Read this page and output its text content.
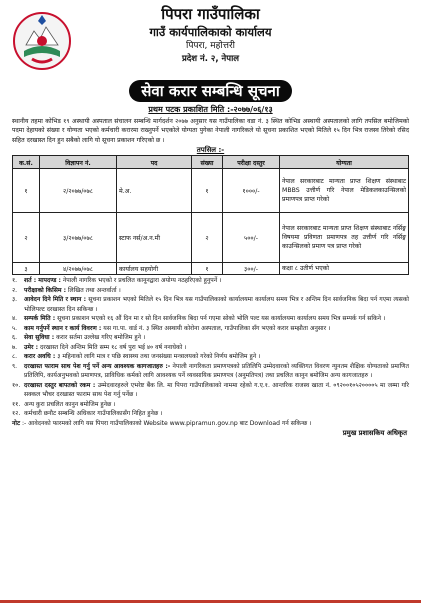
पिपरा गाउँपालिका
गाउँ कार्यपालिकाको कार्यालय
पिपरा, महोत्तरी
प्रदेश नं. २, नेपाल
सेवा करार सम्बन्धि सूचना
प्रथम पटक प्रकाशित मिति :-२०७७/०६/१३
स्थानीय तहमा कोभिड १९ अस्थायी अस्पताल संचालन सम्बन्धि मार्गदर्शन २०७७ अनुसार यस गाउँपालिका वडा नं. ३ स्थित कोभिड अस्थायी अस्पतालको लागि तपसिल बमोजिमको पदमा देहायको संख्या र योग्यता भएको कर्मचारी करारमा राख्नुपर्ने भएकोले योग्यता पुगेका नेपाली नागरिकले यो सूचना प्रकाशित भएको मितिले १५ दिन भित्र राजस्व तिरेको रसिद सहित दरखास्त दिन हुन सबैको लागि यो सूचना प्रकाशन गरिएको छ ।
तपसिल :-
क.सं.	विज्ञापन नं.	पद	संख्या	परीक्षा दस्तुर	योग्यता
१	२/२०७७/०७८	मे.अ.	१	१०००/-	नेपाल सरकारबाट मान्यता प्राप्त शिक्षण संस्थाबाट MBBS उत्तीर्ण गरि नेपाल मेडिकलकाउन्सिलको प्रमाणपत्र प्राप्त गरेको
२	३/२०७७/०७८	स्टाफ नर्स/अ.न.मी	२	५००/-	नेपाल सरकारबाट मान्यता प्राप्त शिक्षण संस्थाबाट नर्सिङ्ग विषयमा प्रविणता प्रमाणपत्र तह उत्तीर्ण गरि नर्सिङ्ग काउन्सिलको प्रमाण पत्र प्राप्त गरेको
३	४/२०७७/०७८	कार्यालय सहयोगी	१	३००/-	कक्षा ८ उतीर्ण भएको
१.	शर्त : मापदण्ड : नेपाली नागरिक भएको र प्रचलित कानूनद्वारा अयोग्य नठहरिएको हुनुपर्ने ।
२.	परीक्षाको किसिम : लिखित तथा अन्तर्वार्ता ।
३.	आवेदन दिने मिति र स्थान : सूचना प्रकाशन भएको मितिले १५ दिन भित्र यस गाउँपालिकाको कार्यालयमा कार्यालय समय भित्र र अन्तिम दिन सार्वजनिक बिदा पर्न गएमा त्यसको भोलिपल्ट दरखास्त दिन सकिन्छ ।
४.	सम्पर्क मिति : सूचना प्रकाशन भएको १६ औं दिन मा र सो दिन सार्वजनिक बिदा पर्न गएमा सोको भोलि पल्ट यस कार्यालयमा कार्यालय समय भित्र सम्पर्क गर्न सकिने ।
५.	काम गर्नुपर्ने स्थान र कार्य विवरण : यस गा.पा. वार्ड नं. ३ स्थित अस्थायी कोरोना अस्पताल, गाउँपालिका सँग भएको करार सम्झौता अनुसार ।
६.	सेवा सुविधा : करार सर्तमा उल्लेख गरिए बमोजिम हुने ।
७.	उमेर : दरखास्त दिने अन्तिम मिति सम्म १८ वर्ष पुरा भई ४० वर्ष ननाघेको ।
८.	करार अवधि : ३ महिनाको लागि मात्र र पछि स्वास्थ्य तथा जनसंख्या मन्त्रालयको गरेको निर्णय बमोजिम हुने ।
९.	दरखास्त फाराम साथ पेश गर्नु पर्ने अन्य आवश्यक कागजातहरु :- नेपाली नागरिकता प्रमाणपत्रको प्रतिलिपि उम्मेदवारको व्यक्तिगत विवरण न्युनतम शैक्षिक योग्यताको प्रमाणित प्रतिलिपि, कार्यअनुभवको प्रमाणपत्र, प्राविधिक कर्मको लागि आवश्यक पर्ने व्यवसायिक प्रमाणपत्र (अनुमतिपत्र) तथा प्रचलित कानुन बमोजिम अन्य कागजातहरु ।
१०. दरखास्त दस्तुर बापतको रकम : उम्मेदवारहरुले एभरेष्ट बैंक लि. मा पिपरा गाउँपालिकाको नाममा रहेको ग.ए.१. आन्तरिक राजस्व खाता नं. ०९२००१०५२००००५ मा जम्मा गरि सक्कल भौचर दरखास्त फाराम साथ पेश गर्नु पर्नेछ ।
११. अन्य कुरा प्रचलित कानुन बमोजिम हुनेछ ।
१२. कर्मचारी छनौट सम्बन्धि अधिकार गाउँपालिकासँग निहित हुनेछ ।
नोट :- आवेदनको फारमको लागि यस पिपरा गाउँपालिकाको Website www.pipramun.gov.np बाट Download गर्न सकिन्छ ।
प्रमुख प्रशासकिय अधिकृत
